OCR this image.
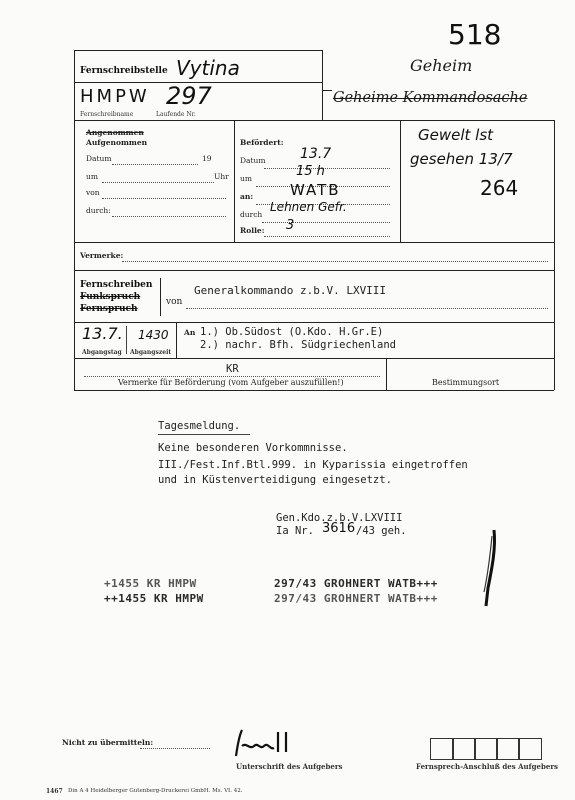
518
Geheim
Geheime Kommandosache
Fernschreibstelle Vytina
HMPW 297
Fernschreibname	Laufende Nr.
Angenommen
Aufgenommen
Datum	19
um	Uhr
von
durch:
Befördert:
Datum 13.7
um	15 h
an: WATB
durch
Lehnen Gefr.
Rolle: 3
Gewelt lst
gesehen 13/7
264
Vermerke:
Fernschreiben
Funkspruch
Fernspruch
von
Generalkommando z.b.V. LXVIII
13.7. 1430
Abgangstag Abgangszeit
An 1.) Ob.Südost (O.Kdo. H.Gr.E)
2.) nachr. Bfh. Südgriechenland
KR
Vermerke für Beförderung (vom Aufgeber auszufüllen!)	Bestimmungsort
Tagesmeldung.
Keine besonderen Vorkommnisse.
III./Fest.Inf.Btl.999. in Kyparissia eingetroffen
und in Küstenverteidigung eingesetzt.
Gen.Kdo.z.b.V.LXVIII
Ia Nr. 3616 /43 geh.
+1455 KR HMPW	297/43 GROHNERT WATB+++
++1455 KR HMPW	297/43 GROHNERT WATB+++
Nicht zu übermitteln:
Unterschrift des Aufgebers	Fernsprech-Anschluß des Aufgebers
1467 Din A 4 Heidelberger Gutenberg-Druckerei GmbH. Ms. VI. 42.
